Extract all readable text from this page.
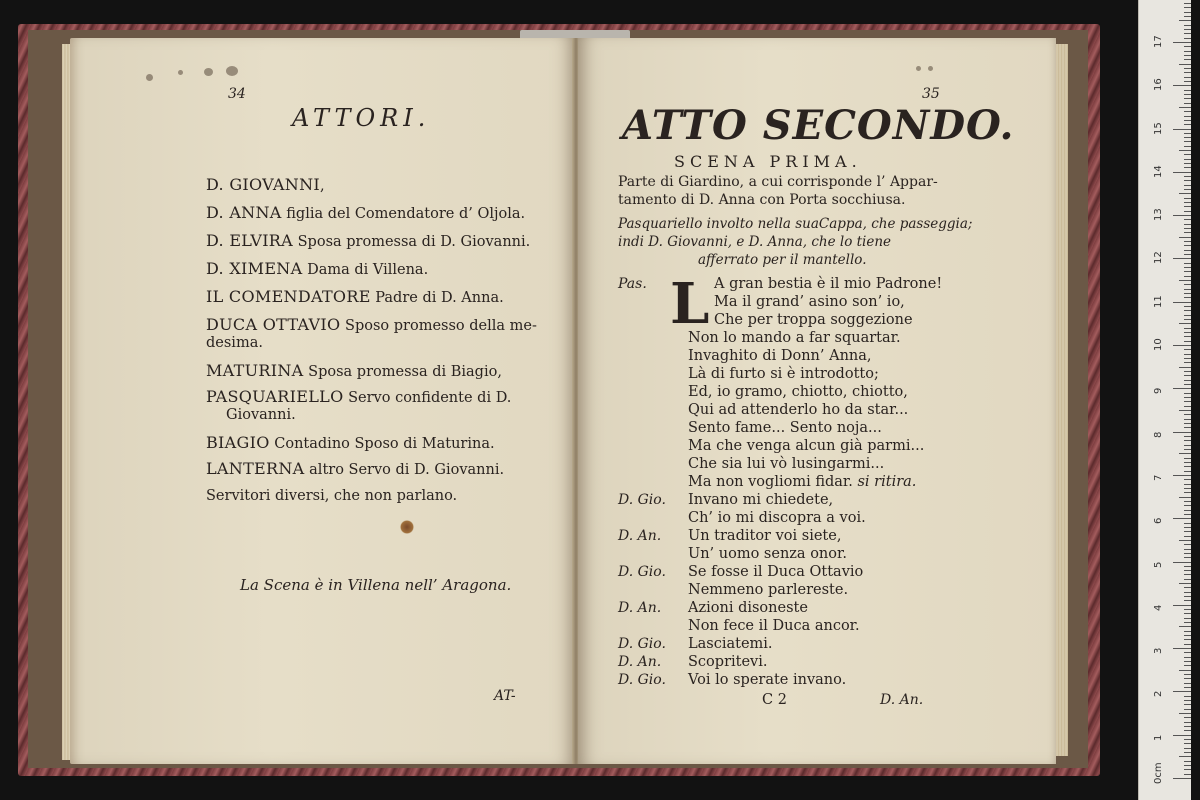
34
ATTORI.
D. GIOVANNI,
D. ANNA figlia del Comendatore d’ Oljola.
D. ELVIRA Sposa promessa di D. Giovanni.
D. XIMENA Dama di Villena.
IL COMENDATORE Padre di D. Anna.
DUCA OTTAVIO Sposo promesso della me-
desima.
MATURINA Sposa promessa di Biagio,
PASQUARIELLO Servo confidente di D.
Giovanni.
BIAGIO Contadino Sposo di Maturina.
LANTERNA altro Servo di D. Giovanni.
Servitori diversi, che non parlano.
La Scena è in Villena nell’ Aragona.
AT-
35
ATTO SECONDO.
SCENA PRIMA.
Parte di Giardino, a cui corrisponde l’ Appar-
tamento di D. Anna con Porta socchiusa.
Pasquariello involto nella suaCappa, che passeggia;
indi D. Giovanni, e D. Anna, che lo tiene
afferrato per il mantello.
L
Pas.	A gran bestia è il mio Padrone!
Ma il grand’ asino son’ io,
Che per troppa soggezione
Non lo mando a far squartar.
Invaghito di Donn’ Anna,
Là di furto si è introdotto;
Ed, io gramo, chiotto, chiotto,
Qui ad attenderlo ho da star...
Sento fame... Sento noja...
Ma che venga alcun già parmi...
Che sia lui vò lusingarmi...
Ma non vogliomi fidar. si ritira.
D. Gio. Invano mi chiedete,
Ch’ io mi discopra a voi.
D. An. Un traditor voi siete,
Un’ uomo senza onor.
D. Gio. Se fosse il Duca Ottavio
Nemmeno parlereste.
D. An. Azioni disoneste
Non fece il Duca ancor.
D. Gio. Lasciatemi.
D. An. Scopritevi.
D. Gio. Voi lo sperate invano.
C 2	D. An.
0cm
1
2
3
4
5
6
7
8
9
10
11
12
13
14
15
16
17
